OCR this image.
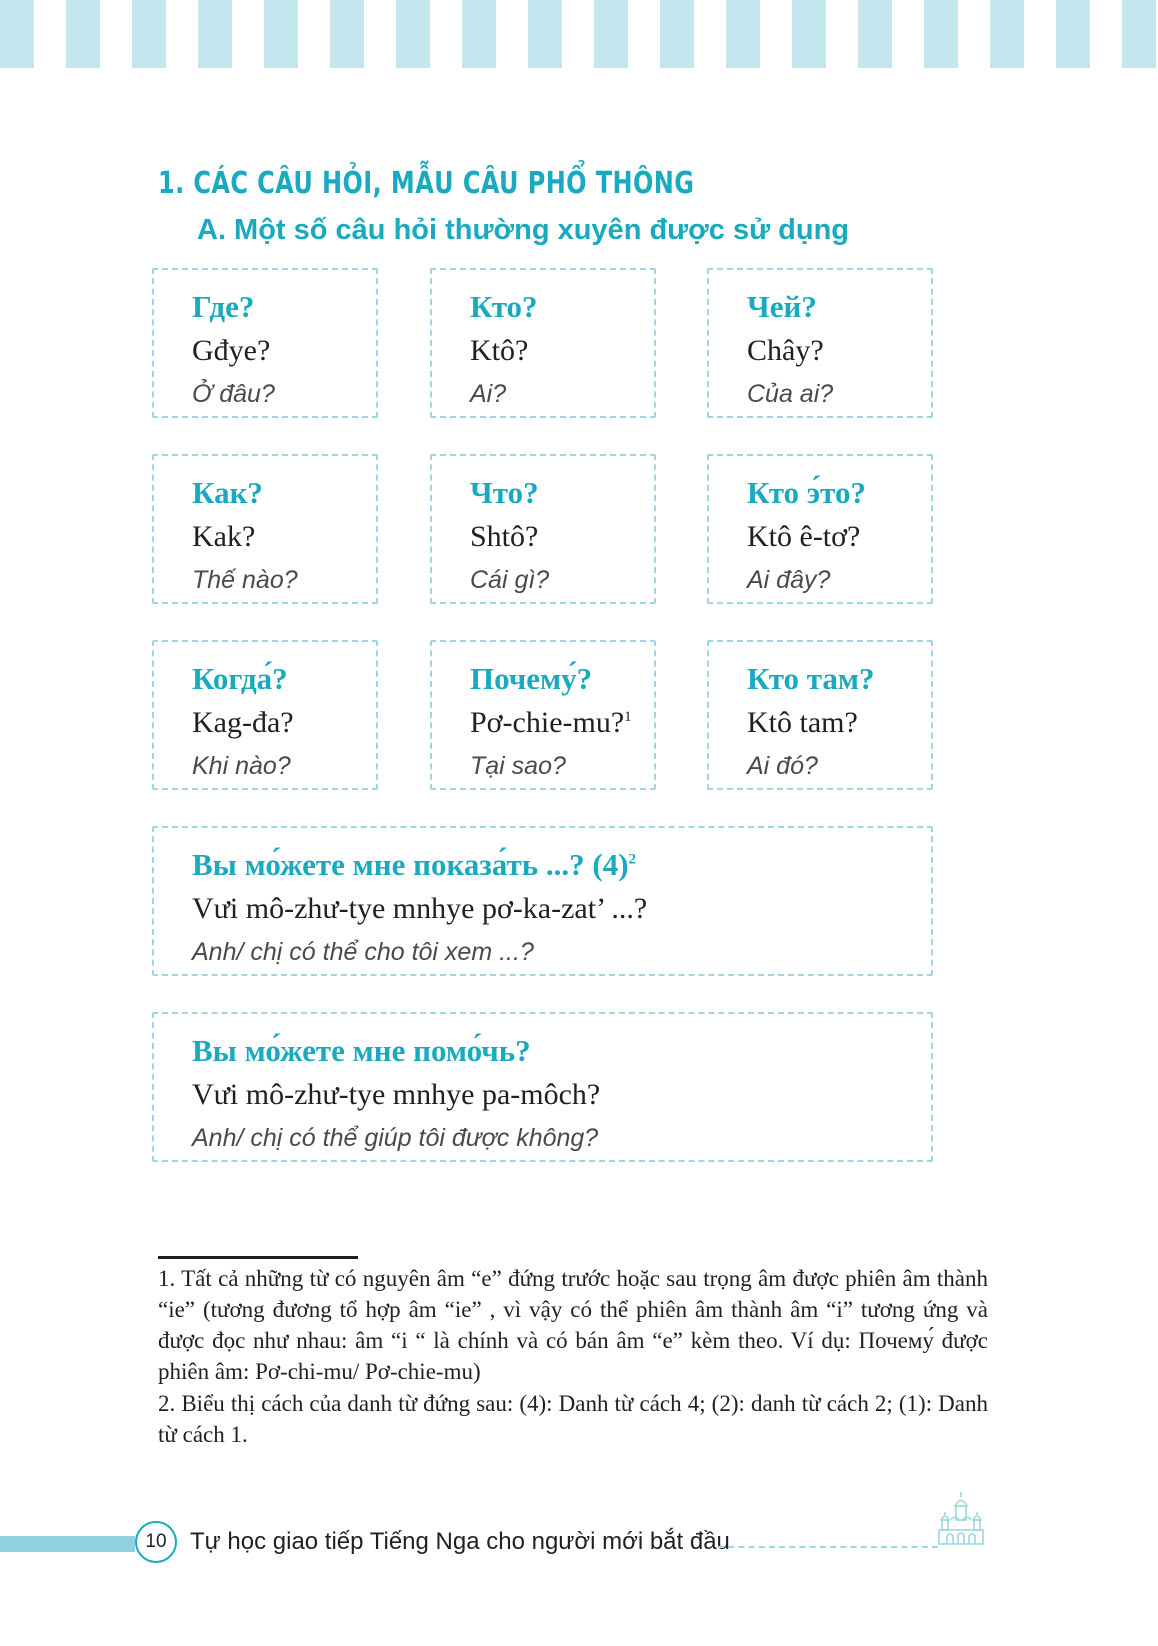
1. CÁC CÂU HỎI, MẪU CÂU PHỔ THÔNG
A. Một số câu hỏi thường xuyên được sử dụng
Где?
Gđye?
Ở đâu?
Кто?
Ktô?
Ai?
Чей?
Chây?
Của ai?
Как?
Kak?
Thế nào?
Что?
Shtô?
Cái gì?
Кто э́то?
Ktô ê-tơ?
Ai đây?
Когда́?
Kag-đa?
Khi nào?
Почему́?
Pơ-chie-mu?$^1$
Tại sao?
Кто там?
Ktô tam?
Ai đó?
Вы мо́жете мне показа́ть ...? $(4)^2$
Vưi mô-zhư-tye mnhye pơ-ka-zat’ ...?
Anh/ chị có thể cho tôi xem ...?
Вы мо́жете мне помо́чь?
Vưi mô-zhư-tye mnhye pa-môch?
Anh/ chị có thể giúp tôi được không?

1. Tất cả những từ có nguyên âm “e” đứng trước hoặc sau trọng âm được phiên âm thành “ie” (tương đương tổ hợp âm “ie” , vì vậy có thể phiên âm thành âm “i” tương ứng và được đọc như nhau: âm “i “ là chính và có bán âm “e” kèm theo. Ví dụ: Почему́ được phiên âm: Pơ-chi-mu/ Pơ-chie-mu)

2. Biểu thị cách của danh từ đứng sau: (4): Danh từ cách 4; (2): danh từ cách 2; (1): Danh từ cách 1.

10 Tự học giao tiếp Tiếng Nga cho người mới bắt đầu
